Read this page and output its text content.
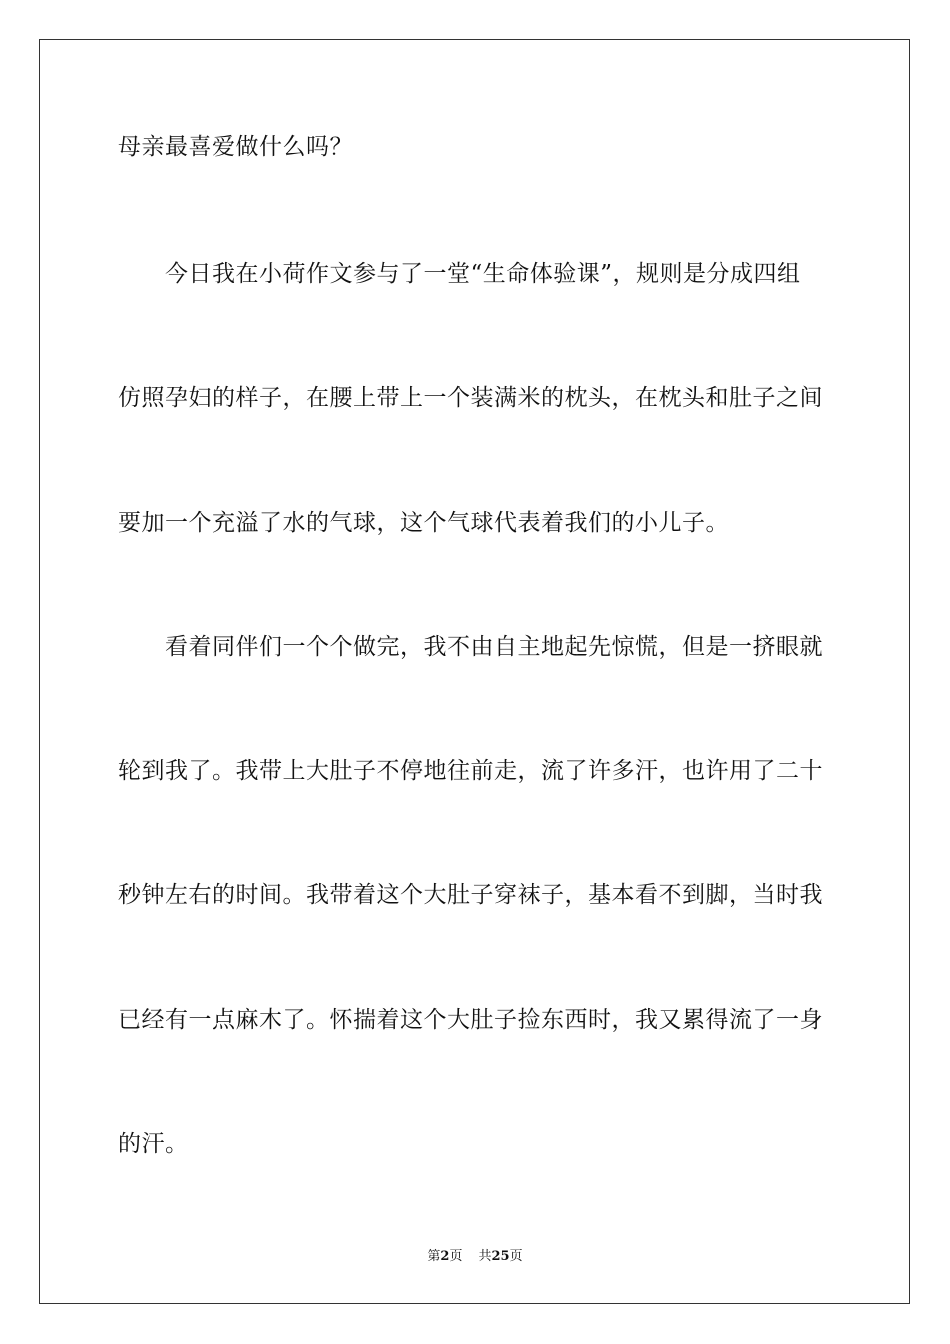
母亲最喜爱做什么吗？
今日我在小荷作文参与了一堂“生命体验课”，规则是分成四组
仿照孕妇的样子，在腰上带上一个装满米的枕头，在枕头和肚子之间
要加一个充溢了水的气球，这个气球代表着我们的小儿子。
看着同伴们一个个做完，我不由自主地起先惊慌，但是一挤眼就
轮到我了。我带上大肚子不停地往前走，流了许多汗，也许用了二十
秒钟左右的时间。我带着这个大肚子穿袜子，基本看不到脚，当时我
已经有一点麻木了。怀揣着这个大肚子捡东西时，我又累得流了一身
的汗。
第2页 共25页
